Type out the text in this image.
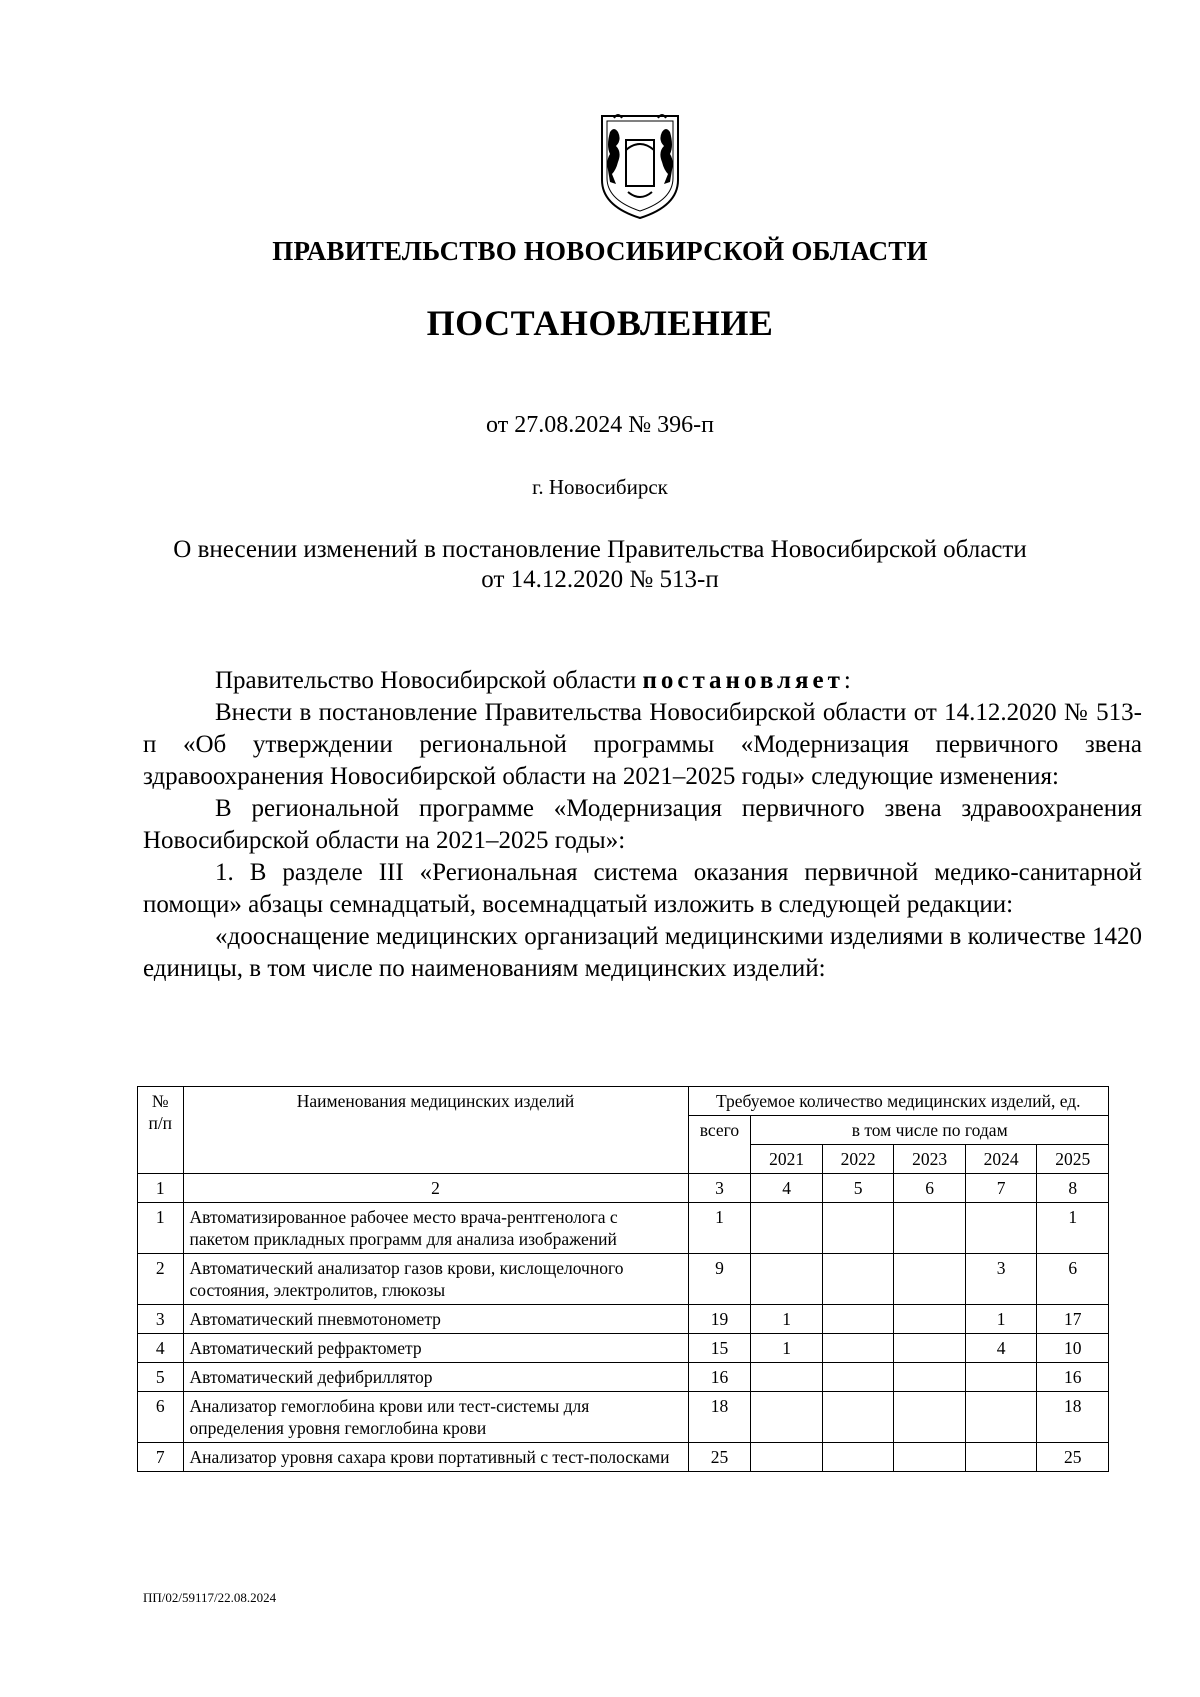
ПРАВИТЕЛЬСТВО НОВОСИБИРСКОЙ ОБЛАСТИ
ПОСТАНОВЛЕНИЕ
от 27.08.2024 № 396-п
г. Новосибирск
О внесении изменений в постановление Правительства Новосибирской области
от 14.12.2020 № 513-п

Правительство Новосибирской области постановляет:

Внести в постановление Правительства Новосибирской области от 14.12.2020 № 513-п «Об утверждении региональной программы «Модернизация первичного звена здравоохранения Новосибирской области на 2021–2025 годы» следующие изменения:

В региональной программе «Модернизация первичного звена здравоохранения Новосибирской области на 2021–2025 годы»:

1. В разделе III «Региональная система оказания первичной медико-санитарной помощи» абзацы семнадцатый, восемнадцатый изложить в следующей редакции:

«дооснащение медицинских организаций медицинскими изделиями в количестве 1420 единицы, в том числе по наименованиям медицинских изделий:

№ п/п	Наименования медицинских изделий	Требуемое количество медицинских изделий, ед.					
		всего	в том числе по годам				
			2021	2022	2023	2024	2025
1	2	3	4	5	6	7	8
1	Автоматизированное рабочее место врача-рентгенолога с пакетом прикладных программ для анализа изображений	1					1
2	Автоматический анализатор газов крови, кислощелочного состояния, электролитов, глюкозы	9				3	6
3	Автоматический пневмотонометр	19	1			1	17
4	Автоматический рефрактометр	15	1			4	10
5	Автоматический дефибриллятор	16					16
6	Анализатор гемоглобина крови или тест-системы для определения уровня гемоглобина крови	18					18
7	Анализатор уровня сахара крови портативный с тест-полосками	25					25
ПП/02/59117/22.08.2024
